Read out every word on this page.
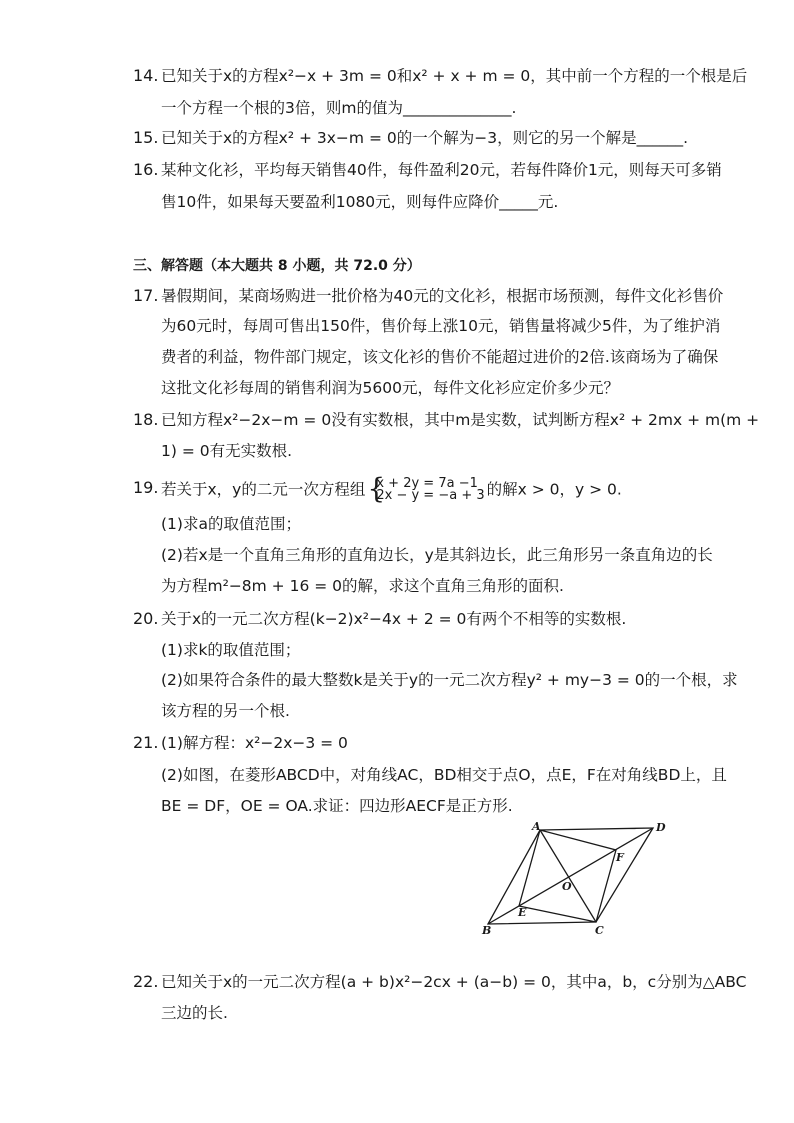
14. 已知关于x的方程x²−x + 3m = 0和x² + x + m = 0，其中前一个方程的一个根是后
一个方程一个根的3倍，则m的值为______________.
15. 已知关于x的方程x² + 3x−m = 0的一个解为−3，则它的另一个解是______.
16. 某种文化衫，平均每天销售40件，每件盈利20元，若每件降价1元，则每天可多销
售10件，如果每天要盈利1080元，则每件应降价_____元.
三、解答题（本大题共 8 小题，共 72.0 分）
17. 暑假期间，某商场购进一批价格为40元的文化衫，根据市场预测，每件文化衫售价
为60元时，每周可售出150件，售价每上涨10元，销售量将减少5件，为了维护消
费者的利益，物件部门规定，该文化衫的售价不能超过进价的2倍.该商场为了确保
这批文化衫每周的销售利润为5600元，每件文化衫应定价多少元？
18. 已知方程x²−2x−m = 0没有实数根，其中m是实数，试判断方程x² + 2mx + m(m +
1) = 0有无实数根.
19. 若关于x，y的二元一次方程组 {
x + 2y = 7a −1
2x − y = −a + 3 的解x > 0，y > 0.
(1)求a的取值范围；
(2)若x是一个直角三角形的直角边长，y是其斜边长，此三角形另一条直角边的长
为方程m²−8m + 16 = 0的解，求这个直角三角形的面积.
20. 关于x的一元二次方程(k−2)x²−4x + 2 = 0有两个不相等的实数根.
(1)求k的取值范围；
(2)如果符合条件的最大整数k是关于y的一元二次方程y² + my−3 = 0的一个根，求
该方程的另一个根.
21. (1)解方程：x²−2x−3 = 0
(2)如图，在菱形ABCD中，对角线AC，BD相交于点O，点E，F在对角线BD上，且
BE = DF，OE = OA.求证：四边形AECF是正方形.
A
B	C
D
E
F
O
22. 已知关于x的一元二次方程(a + b)x²−2cx + (a−b) = 0，其中a，b，c分别为△ABC
三边的长.
